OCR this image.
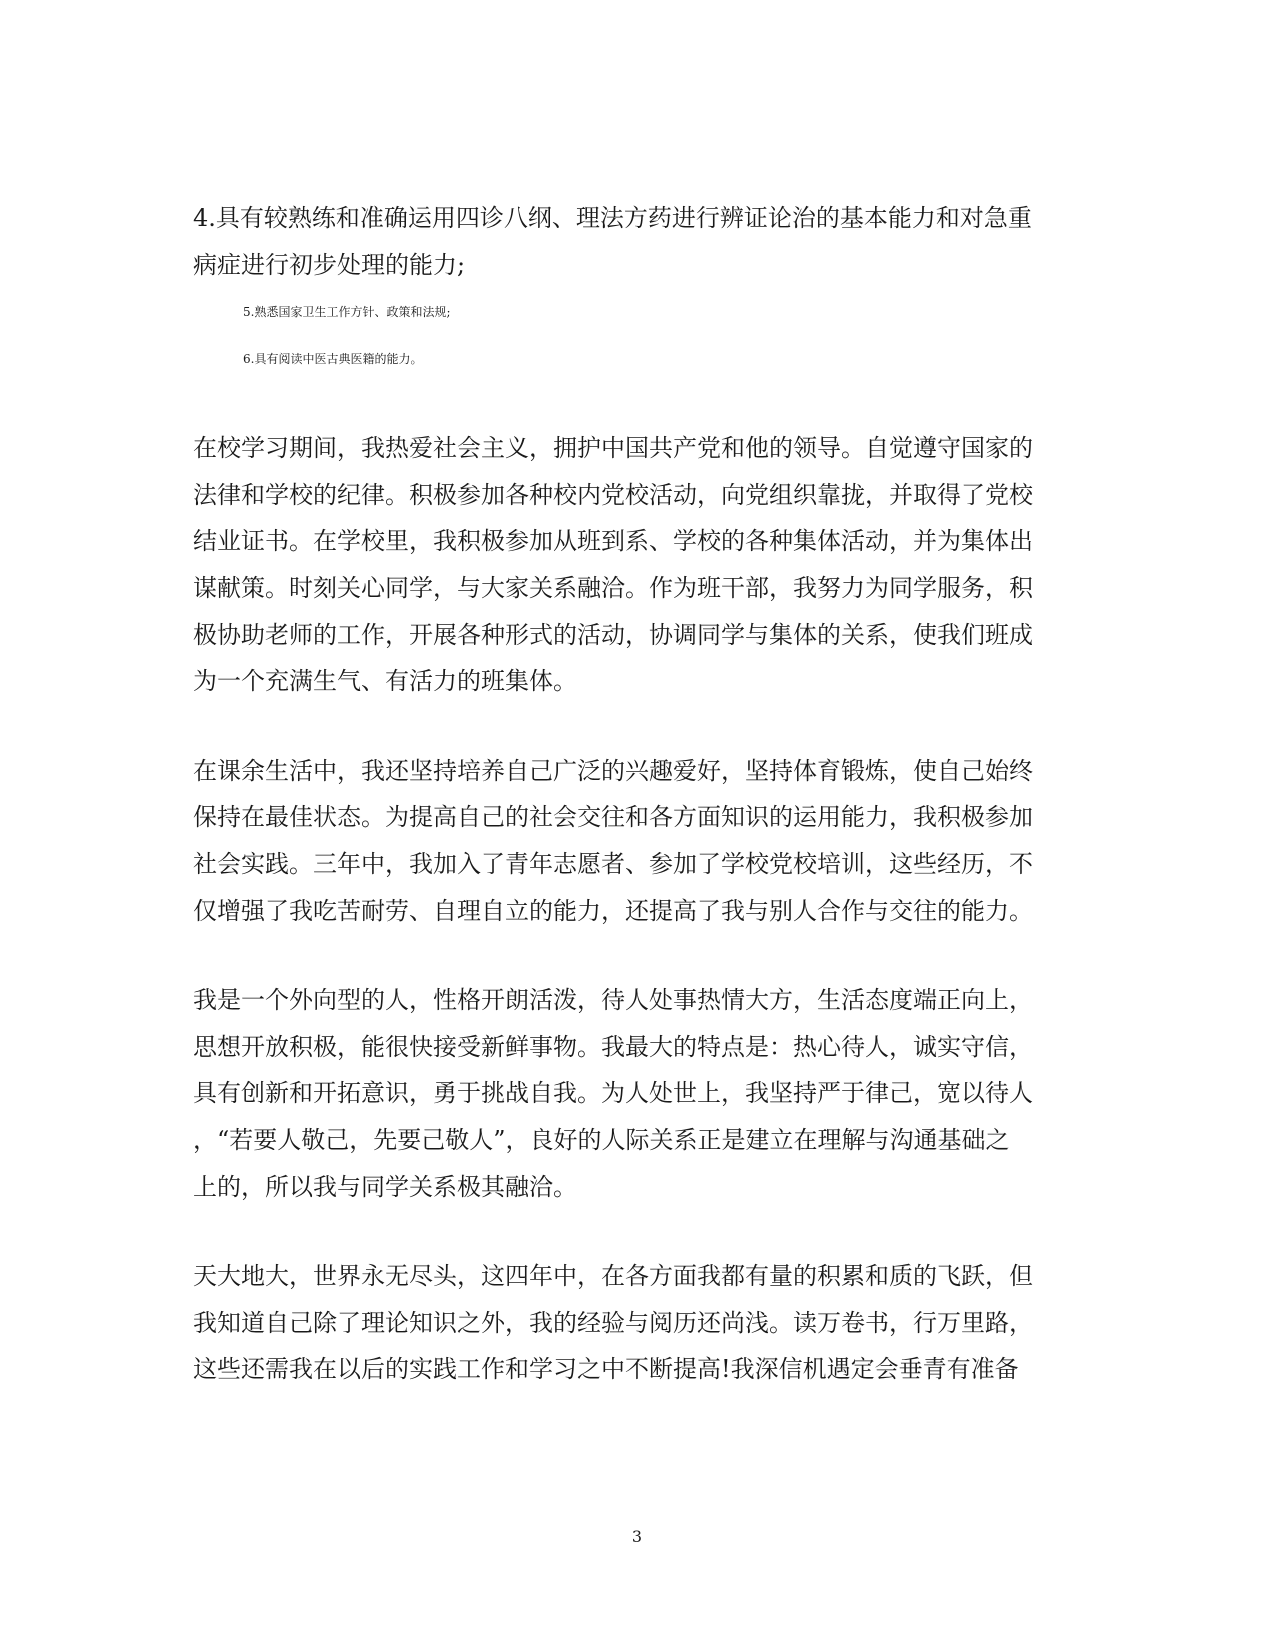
4.具有较熟练和准确运用四诊八纲、理法方药进行辨证论治的基本能力和对急重
病症进行初步处理的能力;
5.熟悉国家卫生工作方针、政策和法规;
6.具有阅读中医古典医籍的能力。
在校学习期间，我热爱社会主义，拥护中国共产党和他的领导。自觉遵守国家的
法律和学校的纪律。积极参加各种校内党校活动，向党组织靠拢，并取得了党校
结业证书。在学校里，我积极参加从班到系、学校的各种集体活动，并为集体出
谋献策。时刻关心同学，与大家关系融洽。作为班干部，我努力为同学服务，积
极协助老师的工作，开展各种形式的活动，协调同学与集体的关系，使我们班成
为一个充满生气、有活力的班集体。
在课余生活中，我还坚持培养自己广泛的兴趣爱好，坚持体育锻炼，使自己始终
保持在最佳状态。为提高自己的社会交往和各方面知识的运用能力，我积极参加
社会实践。三年中，我加入了青年志愿者、参加了学校党校培训，这些经历，不
仅增强了我吃苦耐劳、自理自立的能力，还提高了我与别人合作与交往的能力。
我是一个外向型的人，性格开朗活泼，待人处事热情大方，生活态度端正向上，
思想开放积极，能很快接受新鲜事物。我最大的特点是：热心待人，诚实守信，
具有创新和开拓意识，勇于挑战自我。为人处世上，我坚持严于律己，宽以待人
，“若要人敬己，先要己敬人”，良好的人际关系正是建立在理解与沟通基础之
上的，所以我与同学关系极其融洽。
天大地大，世界永无尽头，这四年中，在各方面我都有量的积累和质的飞跃，但
我知道自己除了理论知识之外，我的经验与阅历还尚浅。读万卷书，行万里路，
这些还需我在以后的实践工作和学习之中不断提高!我深信机遇定会垂青有准备
3
